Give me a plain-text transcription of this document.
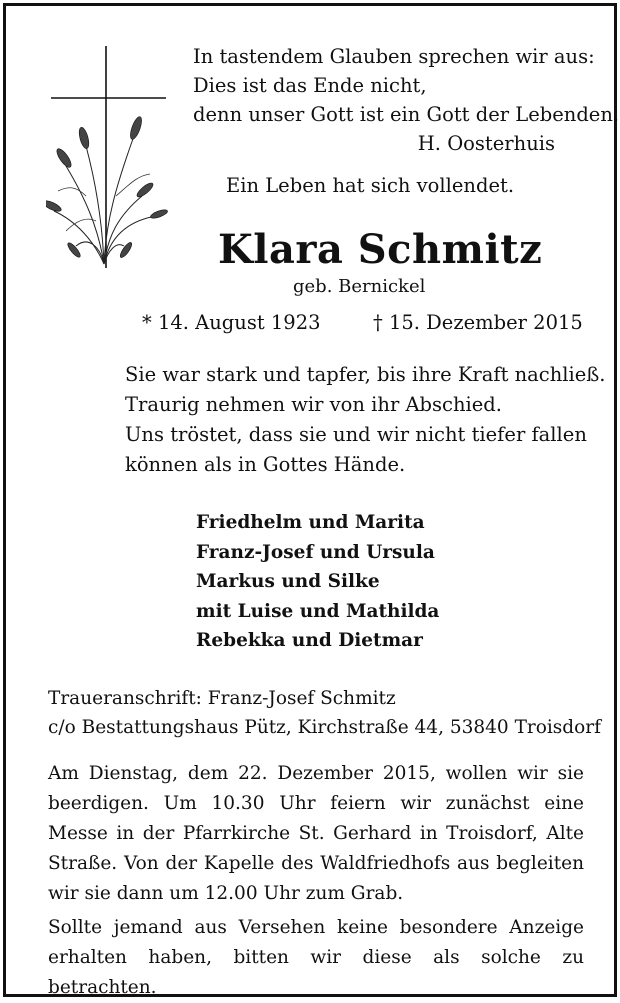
In tastendem Glauben sprechen wir aus:
Dies ist das Ende nicht,
denn unser Gott ist ein Gott der Lebenden.
H. Oosterhuis
Ein Leben hat sich vollendet.
Klara Schmitz
geb. Bernickel
* 14. August 1923	† 15. Dezember 2015
Sie war stark und tapfer, bis ihre Kraft nachließ.
Traurig nehmen wir von ihr Abschied.
Uns tröstet, dass sie und wir nicht tiefer fallen
können als in Gottes Hände.
Friedhelm und Marita
Franz-Josef und Ursula
Markus und Silke
mit Luise und Mathilda
Rebekka und Dietmar
Traueranschrift: Franz-Josef Schmitz
c/o Bestattungshaus Pütz, Kirchstraße 44, 53840 Troisdorf
Am Dienstag, dem 22. Dezember 2015, wollen wir sie beerdigen. Um 10.30 Uhr feiern wir zunächst eine Messe in der Pfarrkirche St. Gerhard in Troisdorf, Alte Straße. Von der Kapelle des Waldfriedhofs aus begleiten wir sie dann um 12.00 Uhr zum Grab.
Sollte jemand aus Versehen keine besondere Anzeige erhalten haben, bitten wir diese als solche zu betrachten.
